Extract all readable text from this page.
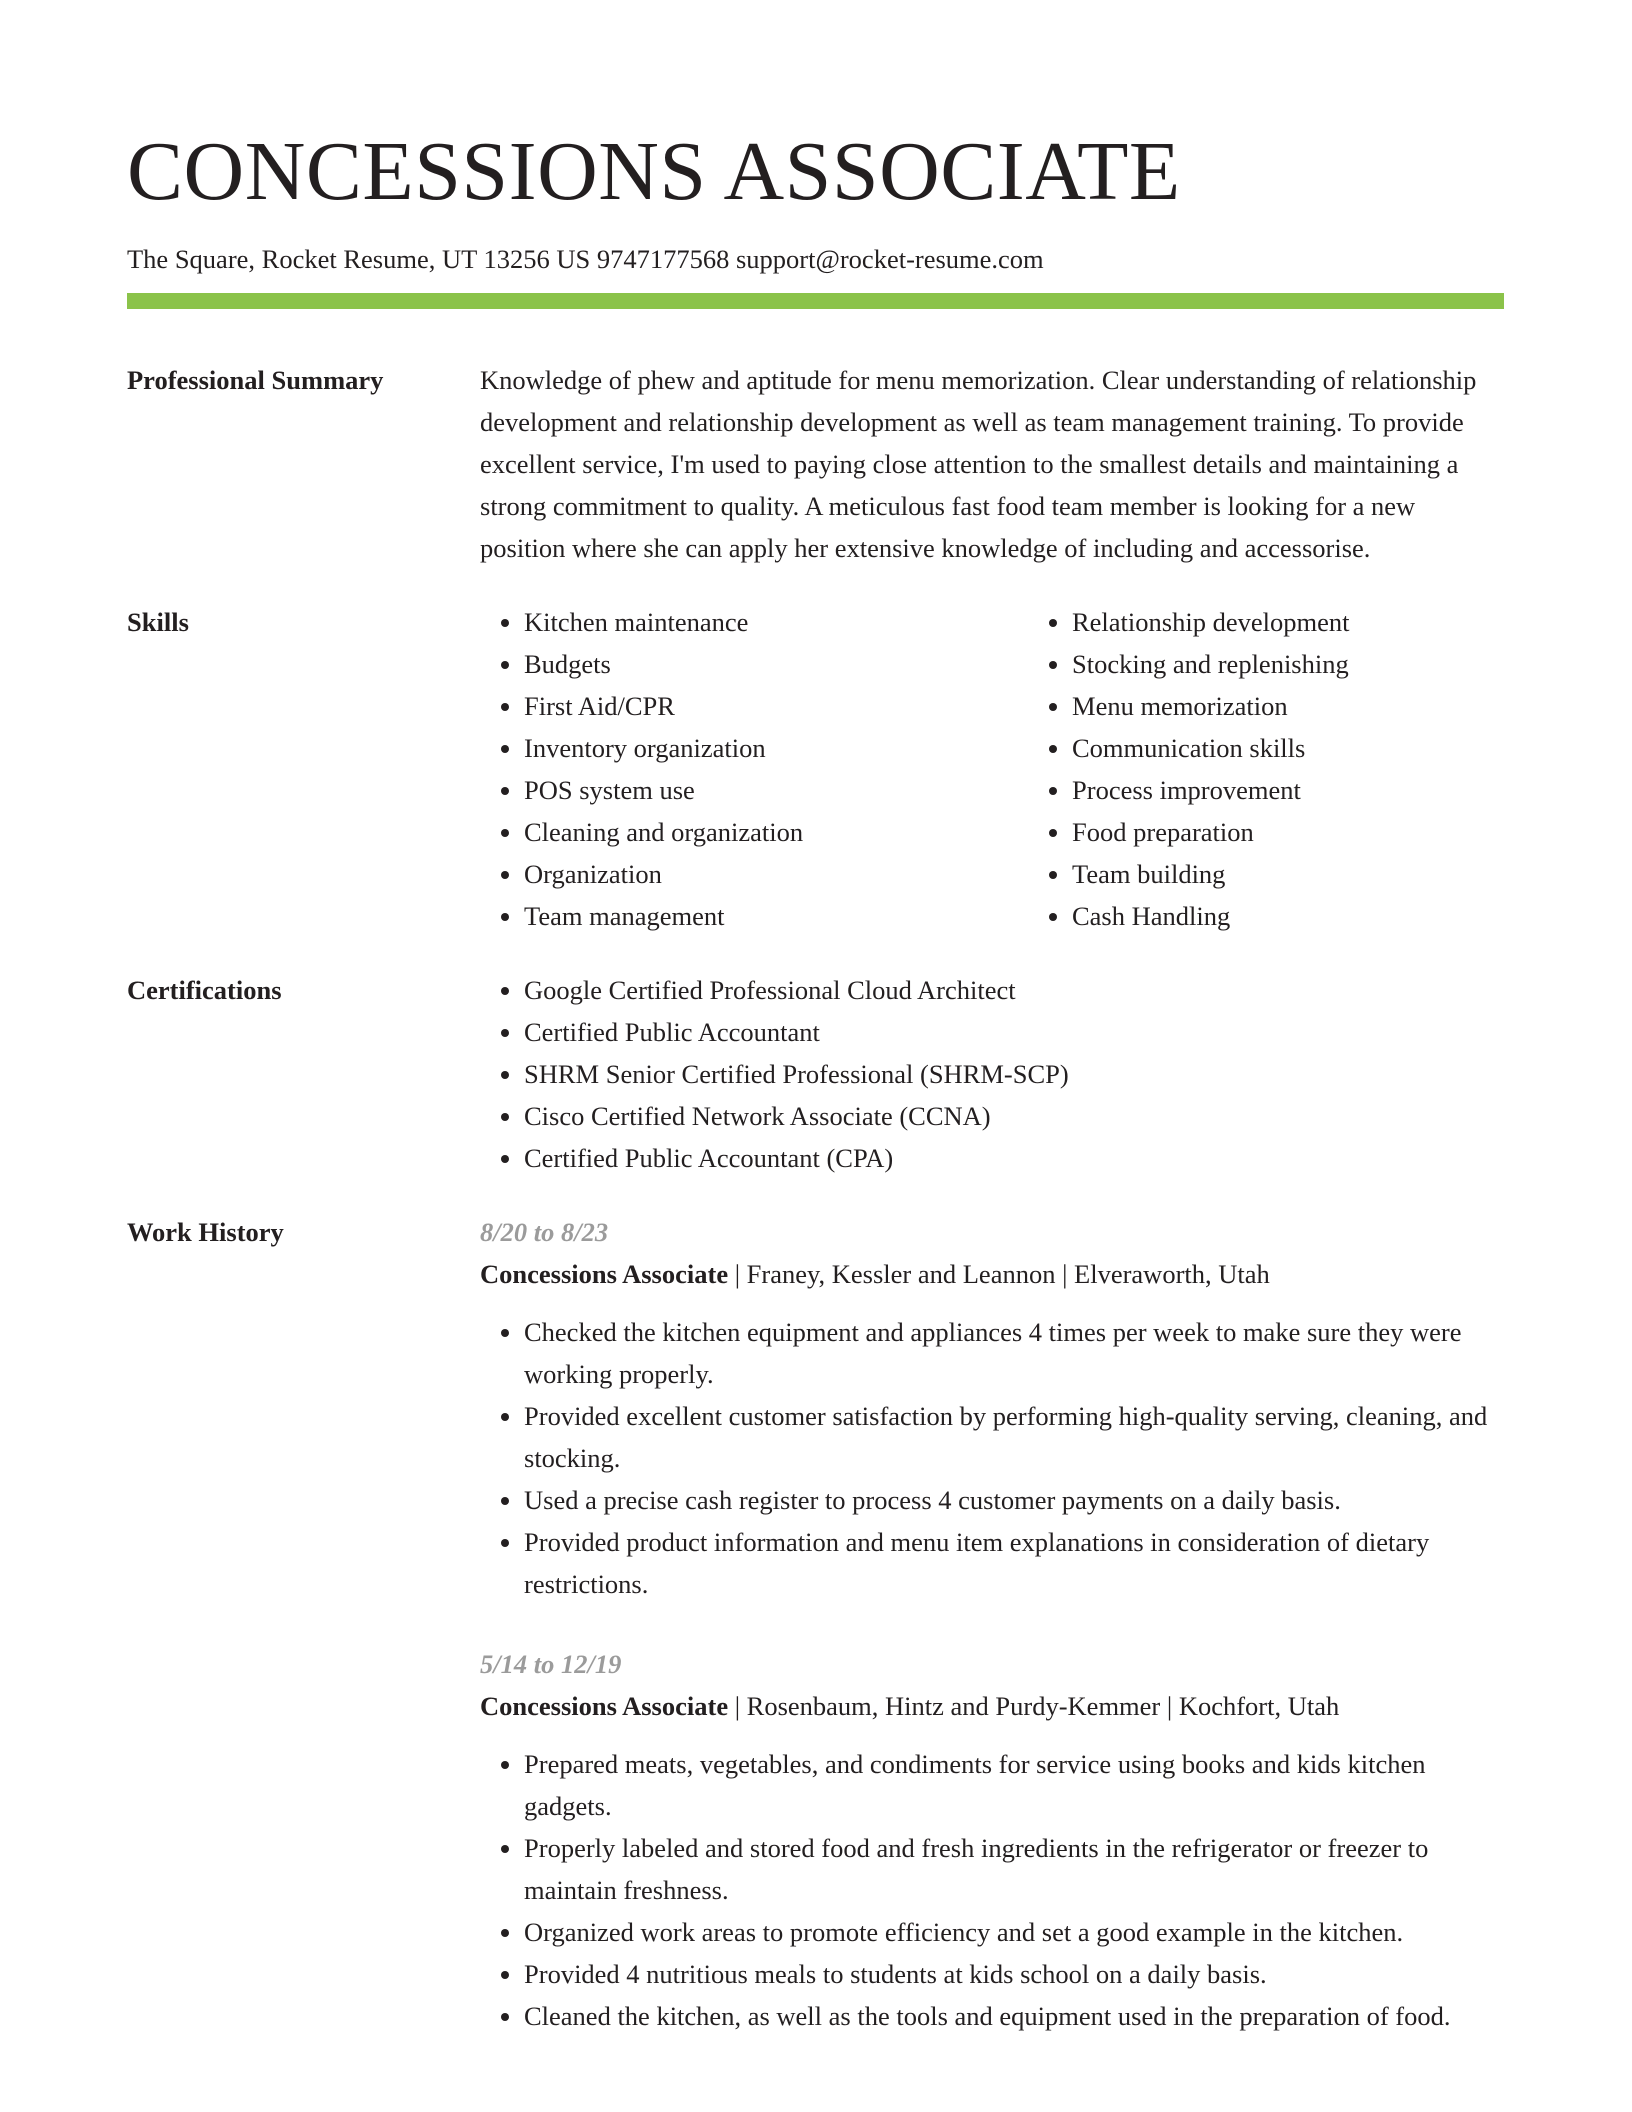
CONCESSIONS ASSOCIATE
The Square, Rocket Resume, UT 13256 US 9747177568 support@rocket-resume.com
Professional Summary	Knowledge of phew and aptitude for menu memorization. Clear understanding of relationship development and relationship development as well as team management training. To provide excellent service, I'm used to paying close attention to the smallest details and maintaining a strong commitment to quality. A meticulous fast food team member is looking for a new position where she can apply her extensive knowledge of including and accessorise.
Skills	• Kitchen maintenance
• Budgets
• First Aid/CPR
• Inventory organization
• POS system use
• Cleaning and organization
• Organization
• Team management
• Relationship development
• Stocking and replenishing
• Menu memorization
• Communication skills
• Process improvement
• Food preparation
• Team building
• Cash Handling
Certifications	• Google Certified Professional Cloud Architect
• Certified Public Accountant
• SHRM Senior Certified Professional (SHRM-SCP)
• Cisco Certified Network Associate (CCNA)
• Certified Public Accountant (CPA)
Work History	8/20 to 8/23
Concessions Associate | Franey, Kessler and Leannon | Elveraworth, Utah
• Checked the kitchen equipment and appliances 4 times per week to make sure they were working properly.
• Provided excellent customer satisfaction by performing high-quality serving, cleaning, and stocking.
• Used a precise cash register to process 4 customer payments on a daily basis.
• Provided product information and menu item explanations in consideration of dietary restrictions.
5/14 to 12/19
Concessions Associate | Rosenbaum, Hintz and Purdy-Kemmer | Kochfort, Utah
• Prepared meats, vegetables, and condiments for service using books and kids kitchen gadgets.
• Properly labeled and stored food and fresh ingredients in the refrigerator or freezer to maintain freshness.
• Organized work areas to promote efficiency and set a good example in the kitchen.
• Provided 4 nutritious meals to students at kids school on a daily basis.
• Cleaned the kitchen, as well as the tools and equipment used in the preparation of food.
